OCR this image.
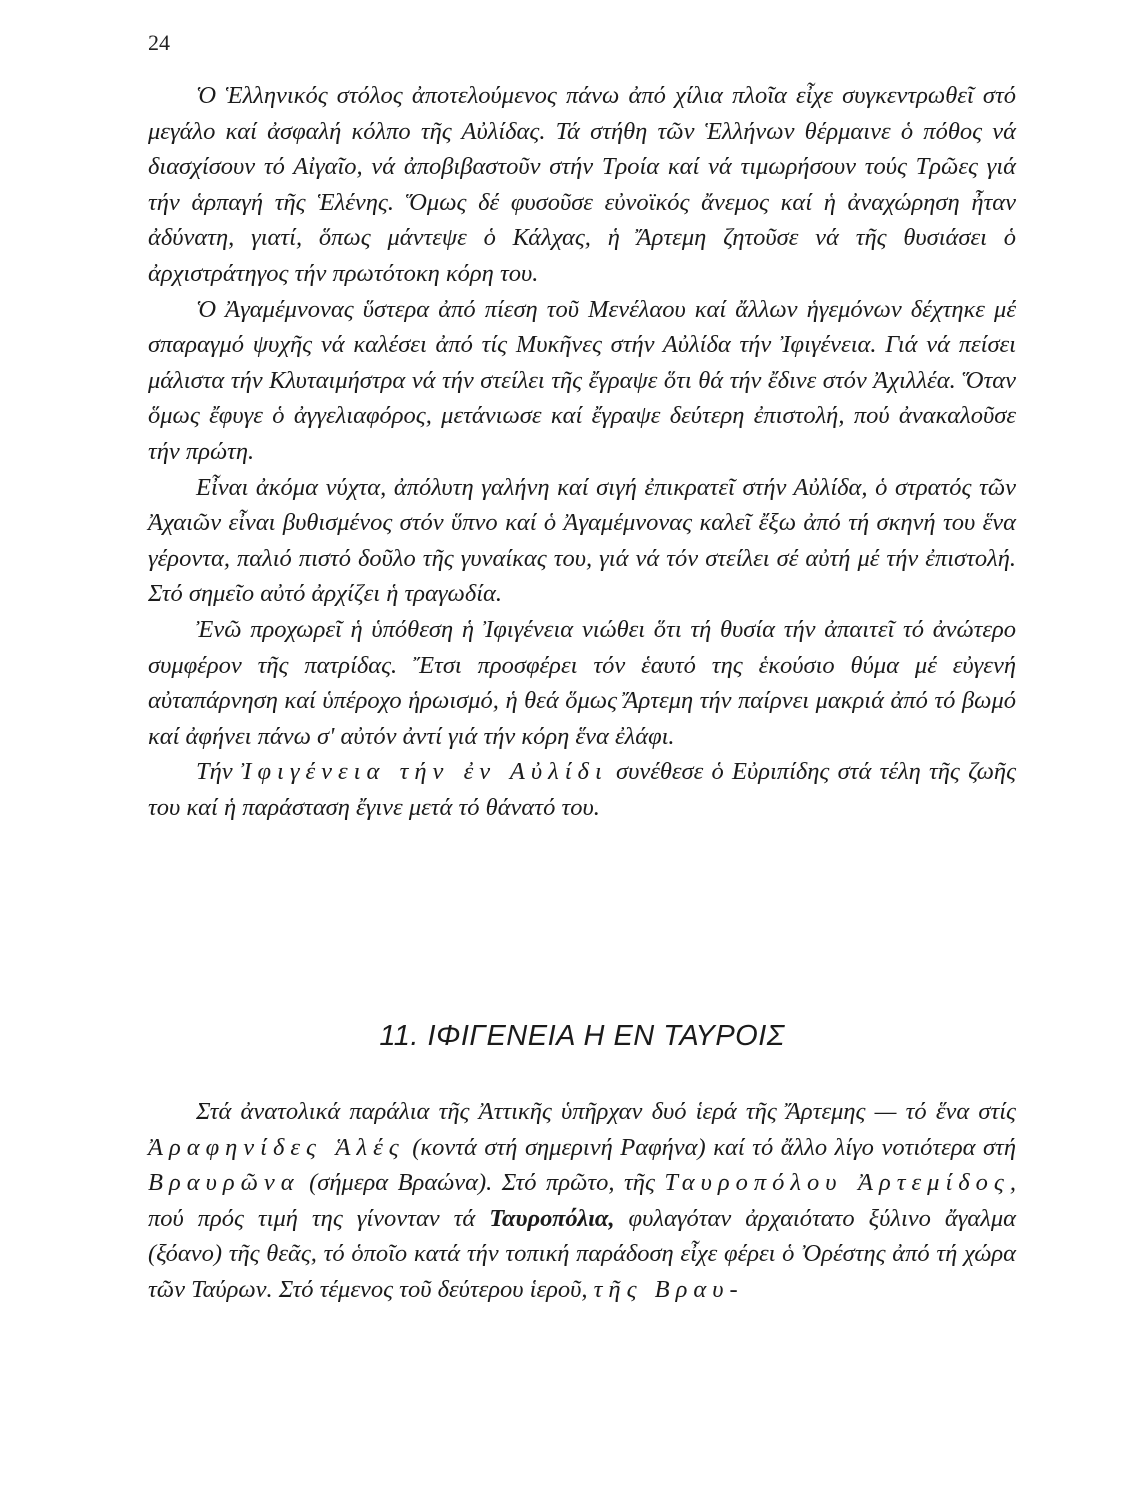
24

Ὁ Ἑλληνικός στόλος ἀποτελούμενος πάνω ἀπό χίλια πλοῖα εἶχε συγκεντρωθεῖ στό μεγάλο καί ἀσφαλή κόλπο τῆς Αὐλίδας. Τά στήθη τῶν Ἑλλήνων θέρμαινε ὁ πόθος νά διασχίσουν τό Αἰγαῖο, νά ἀποβιβαστοῦν στήν Τροία καί νά τιμωρήσουν τούς Τρῶες γιά τήν ἁρπαγή τῆς Ἑλένης. Ὅμως δέ φυσοῦσε εὐνοϊκός ἄνεμος καί ἡ ἀναχώρηση ἦταν ἀδύνατη, γιατί, ὅπως μάντεψε ὁ Κάλχας, ἡ Ἄρτεμη ζητοῦσε νά τῆς θυσιάσει ὁ ἀρχιστράτηγος τήν πρωτότοκη κόρη του.

Ὁ Ἀγαμέμνονας ὕστερα ἀπό πίεση τοῦ Μενέλαου καί ἄλλων ἡγεμόνων δέχτηκε μέ σπαραγμό ψυχῆς νά καλέσει ἀπό τίς Μυκῆνες στήν Αὐλίδα τήν Ἰφιγένεια. Γιά νά πείσει μάλιστα τήν Κλυταιμήστρα νά τήν στείλει τῆς ἔγραψε ὅτι θά τήν ἔδινε στόν Ἀχιλλέα. Ὅταν ὅμως ἔφυγε ὁ ἀγγελιαφόρος, μετάνιωσε καί ἔγραψε δεύτερη ἐπιστολή, πού ἀνακαλοῦσε τήν πρώτη.

Εἶναι ἀκόμα νύχτα, ἀπόλυτη γαλήνη καί σιγή ἐπικρατεῖ στήν Αὐλίδα, ὁ στρατός τῶν Ἀχαιῶν εἶναι βυθισμένος στόν ὕπνο καί ὁ Ἀγαμέμνονας καλεῖ ἔξω ἀπό τή σκηνή του ἕνα γέροντα, παλιό πιστό δοῦλο τῆς γυναίκας του, γιά νά τόν στείλει σέ αὐτή μέ τήν ἐπιστολή. Στό σημεῖο αὐτό ἀρχίζει ἡ τραγωδία.

Ἐνῶ προχωρεῖ ἡ ὑπόθεση ἡ Ἰφιγένεια νιώθει ὅτι τή θυσία τήν ἀπαιτεῖ τό ἀνώτερο συμφέρον τῆς πατρίδας. Ἔτσι προσφέρει τόν ἑαυτό της ἑκούσιο θύμα μέ εὐγενή αὐταπάρνηση καί ὑπέροχο ἡρωισμό, ἡ θεά ὅμως Ἄρτεμη τήν παίρνει μακριά ἀπό τό βωμό καί ἀφήνει πάνω σ' αὐτόν ἀντί γιά τήν κόρη ἕνα ἐλάφι.

Τήν Ἰφιγένεια τήν ἐν Αὐλίδι συνέθεσε ὁ Εὐριπίδης στά τέλη τῆς ζωῆς του καί ἡ παράσταση ἔγινε μετά τό θάνατό του.

11. ΙΦΙΓΕΝΕΙΑ Η ΕΝ ΤΑΥΡΟΙΣ

Στά ἀνατολικά παράλια τῆς Ἀττικῆς ὑπῆρχαν δυό ἱερά τῆς Ἄρτεμης — τό ἕνα στίς Ἀραφηνίδες Ἁλές (κοντά στή σημερινή Ραφήνα) καί τό ἄλλο λίγο νοτιότερα στή Βραυρῶνα (σήμερα Βραώνα). Στό πρῶτο, τῆς Ταυροπόλου Ἀρτεμίδος, πού πρός τιμή της γίνονταν τά Ταυροπόλια, φυλαγόταν ἀρχαιότατο ξύλινο ἄγαλμα (ξόανο) τῆς θεᾶς, τό ὁποῖο κατά τήν τοπική παράδοση εἶχε φέρει ὁ Ὀρέστης ἀπό τή χώρα τῶν Ταύρων. Στό τέμενος τοῦ δεύτερου ἱεροῦ, τῆς Βραυ-
